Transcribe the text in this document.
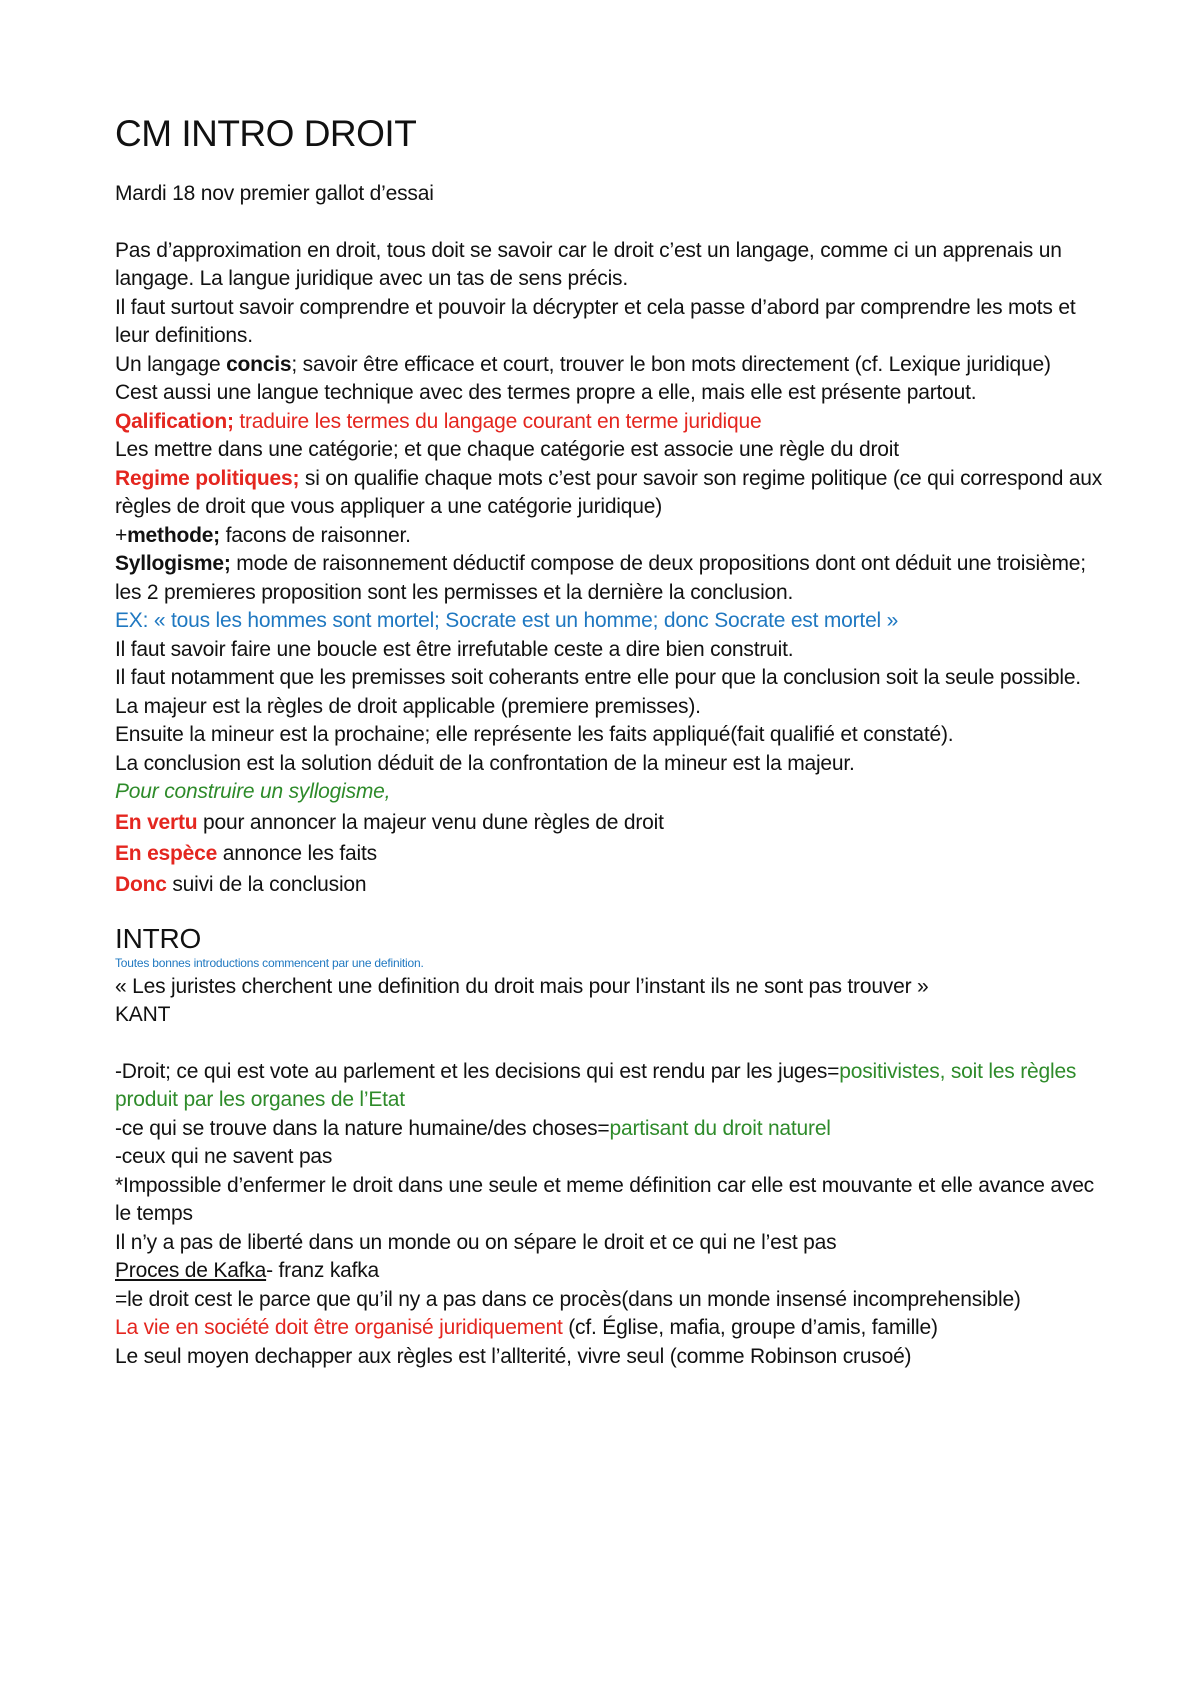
CM INTRO DROIT

Mardi 18 nov premier gallot d’essai

Pas d’approximation en droit, tous doit se savoir car le droit c’est un langage, comme ci un apprenais un langage. La langue juridique avec un tas de sens précis.

Il faut surtout savoir comprendre et pouvoir la décrypter et cela passe d’abord par comprendre les mots et leur definitions.

Un langage concis; savoir être efficace et court, trouver le bon mots directement (cf. Lexique juridique)

Cest aussi une langue technique avec des termes propre a elle, mais elle est présente partout.

Qalification; traduire les termes du langage courant en terme juridique

Les mettre dans une catégorie; et que chaque catégorie est associe une règle du droit

Regime politiques; si on qualifie chaque mots c’est pour savoir son regime politique (ce qui correspond aux règles de droit que vous appliquer a une catégorie juridique)

+methode; facons de raisonner.

Syllogisme; mode de raisonnement déductif compose de deux propositions dont ont déduit une troisième; les 2 premieres proposition sont les permisses et la dernière la conclusion.

EX: « tous les hommes sont mortel; Socrate est un homme; donc Socrate est mortel »

Il faut savoir faire une boucle est être irrefutable ceste a dire bien construit.

Il faut notamment que les premisses soit coherants entre elle pour que la conclusion soit la seule possible.

La majeur est la règles de droit applicable (premiere premisses).

Ensuite la mineur est la prochaine; elle représente les faits appliqué(fait qualifié et constaté).

La conclusion est la solution déduit de la confrontation de la mineur est la majeur.

Pour construire un syllogisme,

En vertu pour annoncer la majeur venu dune règles de droit

En espèce annonce les faits

Donc suivi de la conclusion

INTRO

Toutes bonnes introductions commencent par une definition.

« Les juristes cherchent une definition du droit mais pour l’instant ils ne sont pas trouver »

KANT

-Droit; ce qui est vote au parlement et les decisions qui est rendu par les juges=positivistes, soit les règles produit par les organes de l’Etat

-ce qui se trouve dans la nature humaine/des choses=partisant du droit naturel

-ceux qui ne savent pas

*Impossible d’enfermer le droit dans une seule et meme définition car elle est mouvante et elle avance avec le temps

Il n’y a pas de liberté dans un monde ou on sépare le droit et ce qui ne l’est pas

Proces de Kafka- franz kafka

=le droit cest le parce que qu’il ny a pas dans ce procès(dans un monde insensé incomprehensible)

La vie en société doit être organisé juridiquement (cf. Église, mafia, groupe d’amis, famille)

Le seul moyen dechapper aux règles est l’allterité, vivre seul (comme Robinson crusoé)
